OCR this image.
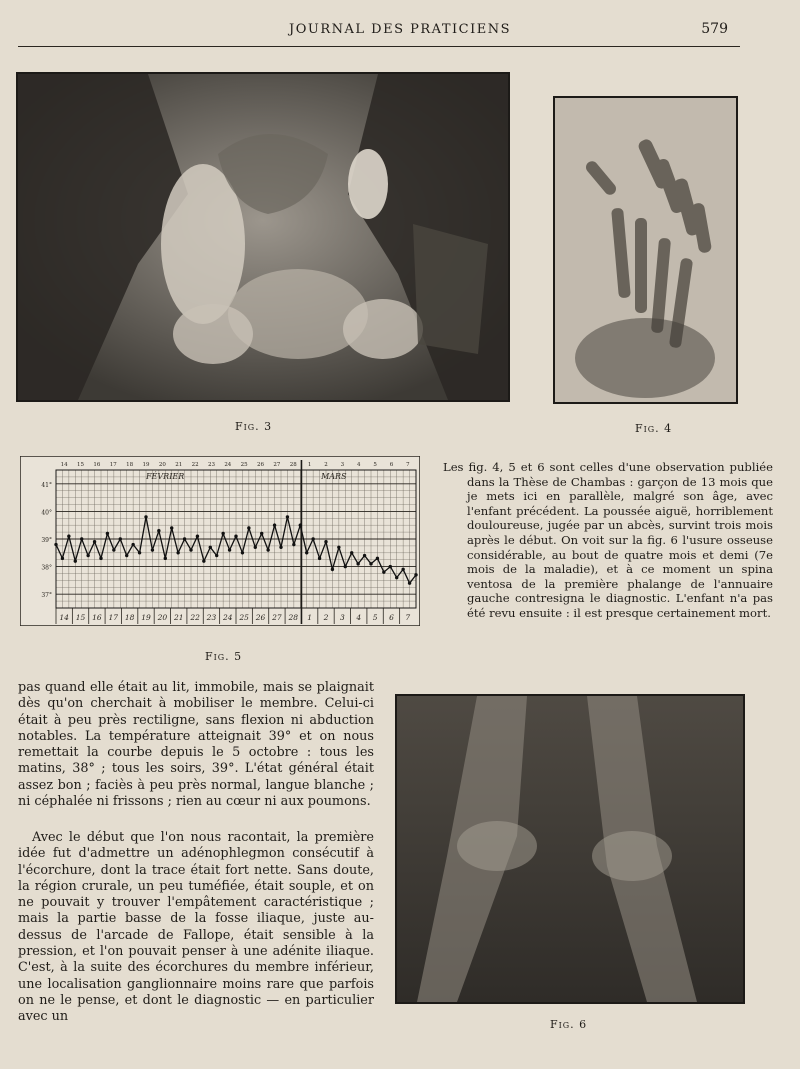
JOURNAL DES PRATICIENS	579
Fig. 3	Fig. 4
41°
40°
39°
38°
37°
14 15 16 17 18 19 20 21 22 23 24 25 26 27 28 1 2 3 4 5 6 7
14 15 16 17 18 19 20 21 22 23 24 25 26 27 28 1 2 3 4 5 6 7
FÉVRIER	MARS
Fig. 5

Les fig. 4, 5 et 6 sont celles d'une observation publiée dans la Thèse de Chambas : garçon de 13 mois que je mets ici en parallèle, malgré son âge, avec l'enfant précédent. La poussée aiguë, horriblement douloureuse, jugée par un abcès, survint trois mois après le début. On voit sur la fig. 6 l'usure osseuse considérable, au bout de quatre mois et demi (7e mois de la maladie), et à ce moment un spina ventosa de la première phalange de l'annuaire gauche contresigna le diagnostic. L'enfant n'a pas été revu ensuite : il est presque certainement mort.

pas quand elle était au lit, immobile, mais se plaignait dès qu'on cherchait à mobiliser le membre. Celui-ci était à peu près rectiligne, sans flexion ni abduction notables. La température atteignait 39° et on nous remettait la courbe depuis le 5 octobre : tous les matins, 38° ; tous les soirs, 39°. L'état général était assez bon ; faciès à peu près normal, langue blanche ; ni céphalée ni frissons ; rien au cœur ni aux poumons.

Avec le début que l'on nous racontait, la première idée fut d'admettre un adénophlegmon consécutif à l'écorchure, dont la trace était fort nette. Sans doute, la région crurale, un peu tuméfiée, était souple, et on ne pouvait y trouver l'empâtement caractéristique ; mais la partie basse de la fosse iliaque, juste au-dessus de l'arcade de Fallope, était sensible à la pression, et l'on pouvait penser à une adénite iliaque. C'est, à la suite des écorchures du membre inférieur, une localisation ganglionnaire moins rare que parfois on ne le pense, et dont le diagnostic — en particulier avec un

Fig. 6
